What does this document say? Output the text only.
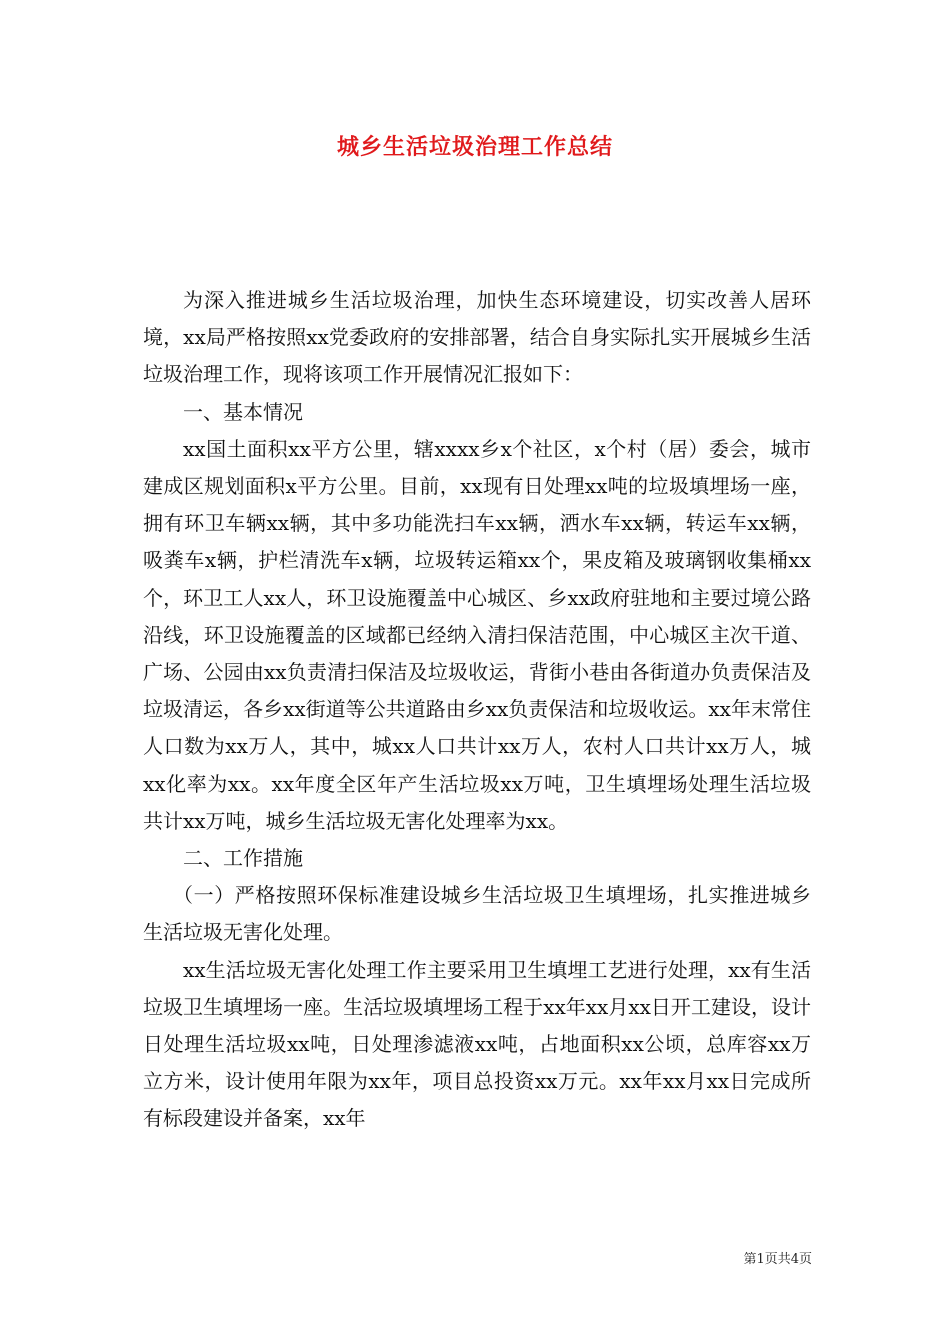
城乡生活垃圾治理工作总结

为深入推进城乡生活垃圾治理，加快生态环境建设，切实改善人居环境，xx局严格按照xx党委政府的安排部署，结合自身实际扎实开展城乡生活垃圾治理工作，现将该项工作开展情况汇报如下：

一、基本情况

xx国土面积xx平方公里，辖xxxx乡x个社区，x个村（居）委会，城市建成区规划面积x平方公里。目前，xx现有日处理xx吨的垃圾填埋场一座，拥有环卫车辆xx辆，其中多功能洗扫车xx辆，洒水车xx辆，转运车xx辆，吸粪车x辆，护栏清洗车x辆，垃圾转运箱xx个，果皮箱及玻璃钢收集桶xx个，环卫工人xx人，环卫设施覆盖中心城区、乡xx政府驻地和主要过境公路沿线，环卫设施覆盖的区域都已经纳入清扫保洁范围，中心城区主次干道、广场、公园由xx负责清扫保洁及垃圾收运，背街小巷由各街道办负责保洁及垃圾清运，各乡xx街道等公共道路由乡xx负责保洁和垃圾收运。xx年末常住人口数为xx万人，其中，城xx人口共计xx万人，农村人口共计xx万人，城xx化率为xx。xx年度全区年产生活垃圾xx万吨，卫生填埋场处理生活垃圾共计xx万吨，城乡生活垃圾无害化处理率为xx。

二、工作措施

（一）严格按照环保标准建设城乡生活垃圾卫生填埋场，扎实推进城乡生活垃圾无害化处理。

xx生活垃圾无害化处理工作主要采用卫生填埋工艺进行处理，xx有生活垃圾卫生填埋场一座。生活垃圾填埋场工程于xx年xx月xx日开工建设，设计日处理生活垃圾xx吨，日处理渗滤液xx吨，占地面积xx公顷，总库容xx万立方米，设计使用年限为xx年，项目总投资xx万元。xx年xx月xx日完成所有标段建设并备案，xx年

第1页共4页
